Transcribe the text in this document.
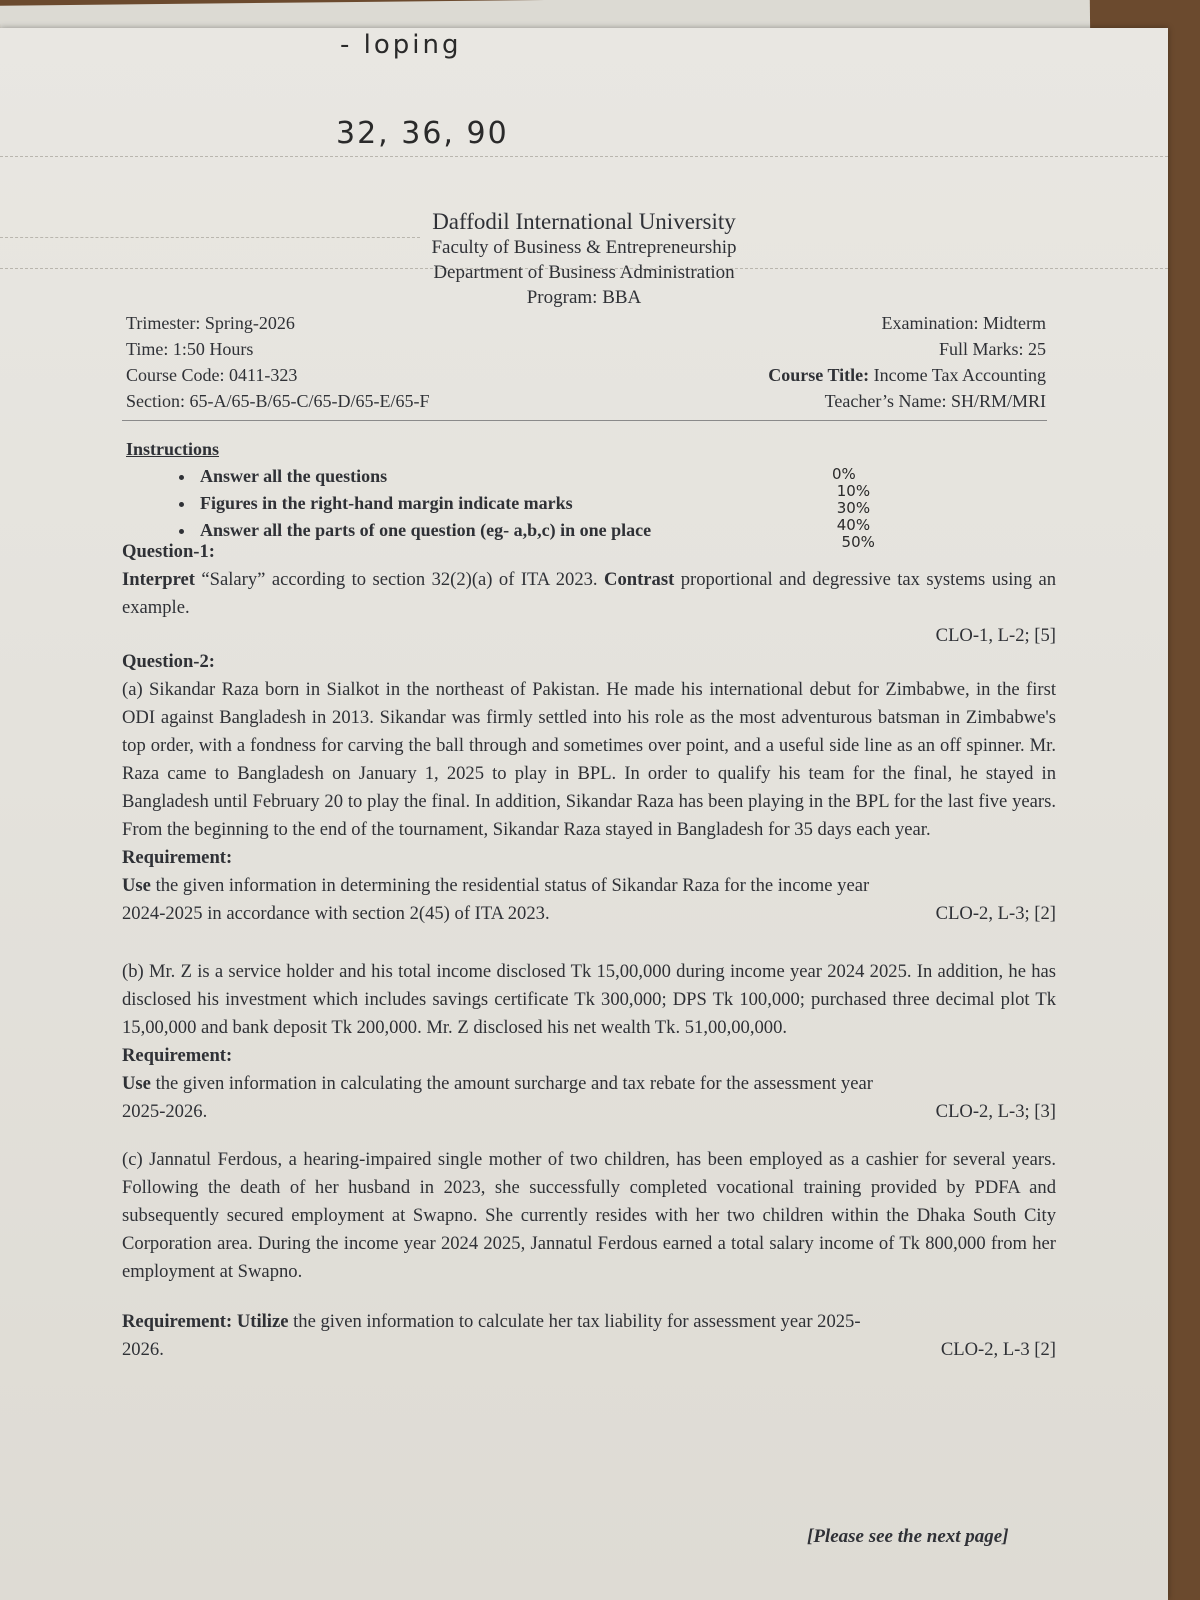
- loping
32, 36, 90
0%
10%
30%
40%
50%
Daffodil International University
Faculty of Business & Entrepreneurship
Department of Business Administration
Program: BBA
Trimester: Spring-2026	Examination: Midterm
Time: 1:50 Hours	Full Marks: 25
Course Code: 0411-323	Course Title: Income Tax Accounting
Section: 65-A/65-B/65-C/65-D/65-E/65-F	Teacher’s Name: SH/RM/MRI
Instructions
• Answer all the questions
• Figures in the right-hand margin indicate marks
• Answer all the parts of one question (eg- a,b,c) in one place
Question-1:

Interpret “Salary” according to section 32(2)(a) of ITA 2023. Contrast proportional and degressive tax systems using an example.

CLO-1, L-2; [5]
Question-2:

(a) Sikandar Raza born in Sialkot in the northeast of Pakistan. He made his international debut for Zimbabwe, in the first ODI against Bangladesh in 2013. Sikandar was firmly settled into his role as the most adventurous batsman in Zimbabwe's top order, with a fondness for carving the ball through and sometimes over point, and a useful side line as an off spinner. Mr. Raza came to Bangladesh on January 1, 2025 to play in BPL. In order to qualify his team for the final, he stayed in Bangladesh until February 20 to play the final. In addition, Sikandar Raza has been playing in the BPL for the last five years. From the beginning to the end of the tournament, Sikandar Raza stayed in Bangladesh for 35 days each year.

Requirement:

Use the given information in determining the residential status of Sikandar Raza for the income year

2024-2025 in accordance with section 2(45) of ITA 2023.	CLO-2, L-3; [2]

(b) Mr. Z is a service holder and his total income disclosed Tk 15,00,000 during income year 2024 2025. In addition, he has disclosed his investment which includes savings certificate Tk 300,000; DPS Tk 100,000; purchased three decimal plot Tk 15,00,000 and bank deposit Tk 200,000. Mr. Z disclosed his net wealth Tk. 51,00,00,000.

Requirement:

Use the given information in calculating the amount surcharge and tax rebate for the assessment year

2025-2026.	CLO-2, L-3; [3]

(c) Jannatul Ferdous, a hearing-impaired single mother of two children, has been employed as a cashier for several years. Following the death of her husband in 2023, she successfully completed vocational training provided by PDFA and subsequently secured employment at Swapno. She currently resides with her two children within the Dhaka South City Corporation area. During the income year 2024 2025, Jannatul Ferdous earned a total salary income of Tk 800,000 from her employment at Swapno.

Requirement: Utilize the given information to calculate her tax liability for assessment year 2025-

2026.	CLO-2, L-3 [2]
[Please see the next page]
